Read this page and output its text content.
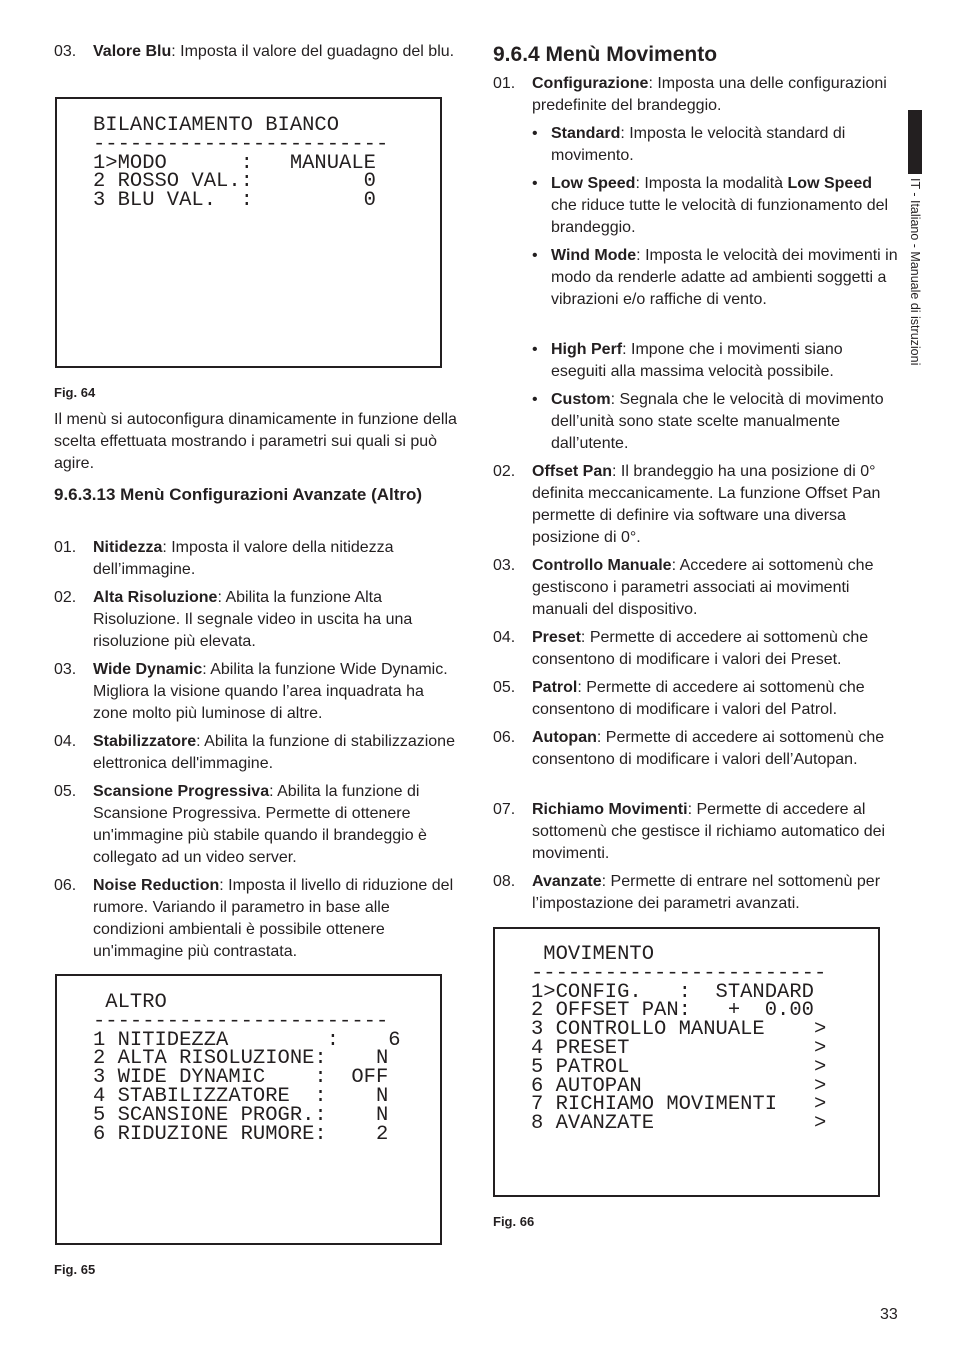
03.	Valore Blu: Imposta il valore del guadagno del blu.
BILANCIAMENTO BIANCO
------------------------
1>MODO      :   MANUALE
2 ROSSO VAL.:         0
3 BLU VAL.  :         0
Fig. 64
Il menù si autoconfigura dinamicamente in funzione della scelta effettuata mostrando i parametri sui quali si può agire.
9.6.3.13 Menù Configurazioni Avanzate (Altro)
01.	Nitidezza: Imposta il valore della nitidezza dell’immagine.
02.	Alta Risoluzione: Abilita la funzione Alta Risoluzione. Il segnale video in uscita ha una risoluzione più elevata.
03.	Wide Dynamic: Abilita la funzione Wide Dynamic. Migliora la visione quando l’area inquadrata ha zone molto più luminose di altre.
04.	Stabilizzatore: Abilita la funzione di stabilizzazione elettronica dell'immagine.
05.	Scansione Progressiva: Abilita la funzione di Scansione Progressiva. Permette di ottenere un'immagine più stabile quando il brandeggio è collegato ad un video server.
06.	Noise Reduction: Imposta il livello di riduzione del rumore. Variando il parametro in base alle condizioni ambientali è possibile ottenere un'immagine più contrastata.
ALTRO
------------------------
1 NITIDEZZA        :    6
2 ALTA RISOLUZIONE:    N
3 WIDE DYNAMIC    :  OFF
4 STABILIZZATORE  :    N
5 SCANSIONE PROGR.:    N
6 RIDUZIONE RUMORE:    2
Fig. 65
9.6.4 Menù Movimento
01.	Configurazione: Imposta una delle configurazioni predefinite del brandeggio.
• Standard: Imposta le velocità standard di movimento.
• Low Speed: Imposta la modalità Low Speed che riduce tutte le velocità di funzionamento del brandeggio.
• Wind Mode: Imposta le velocità dei movimenti in modo da renderle adatte ad ambienti soggetti a vibrazioni e/o raffiche di vento.
• High Perf: Impone che i movimenti siano eseguiti alla massima velocità possibile.
• Custom: Segnala che le velocità di movimento dell’unità sono state scelte manualmente dall’utente.
02.	Offset Pan: Il brandeggio ha una posizione di 0° definita meccanicamente. La funzione Offset Pan permette di definire via software una diversa posizione di 0°.
03.	Controllo Manuale: Accedere ai sottomenù che gestiscono i parametri associati ai movimenti manuali del dispositivo.
04.	Preset: Permette di accedere ai sottomenù che consentono di modificare i valori dei Preset.
05.	Patrol: Permette di accedere ai sottomenù che consentono di modificare i valori del Patrol.
06.	Autopan: Permette di accedere ai sottomenù che consentono di modificare i valori dell’Autopan.
07.	Richiamo Movimenti: Permette di accedere al sottomenù che gestisce il richiamo automatico dei movimenti.
08.	Avanzate: Permette di entrare nel sottomenù per l’impostazione dei parametri avanzati.
MOVIMENTO
------------------------
1>CONFIG.   :  STANDARD
2 OFFSET PAN:   +  0.00
3 CONTROLLO MANUALE    >
4 PRESET               >
5 PATROL               >
6 AUTOPAN              >
7 RICHIAMO MOVIMENTI   >
8 AVANZATE             >
Fig. 66
IT - Italiano - Manuale di istruzioni
33
